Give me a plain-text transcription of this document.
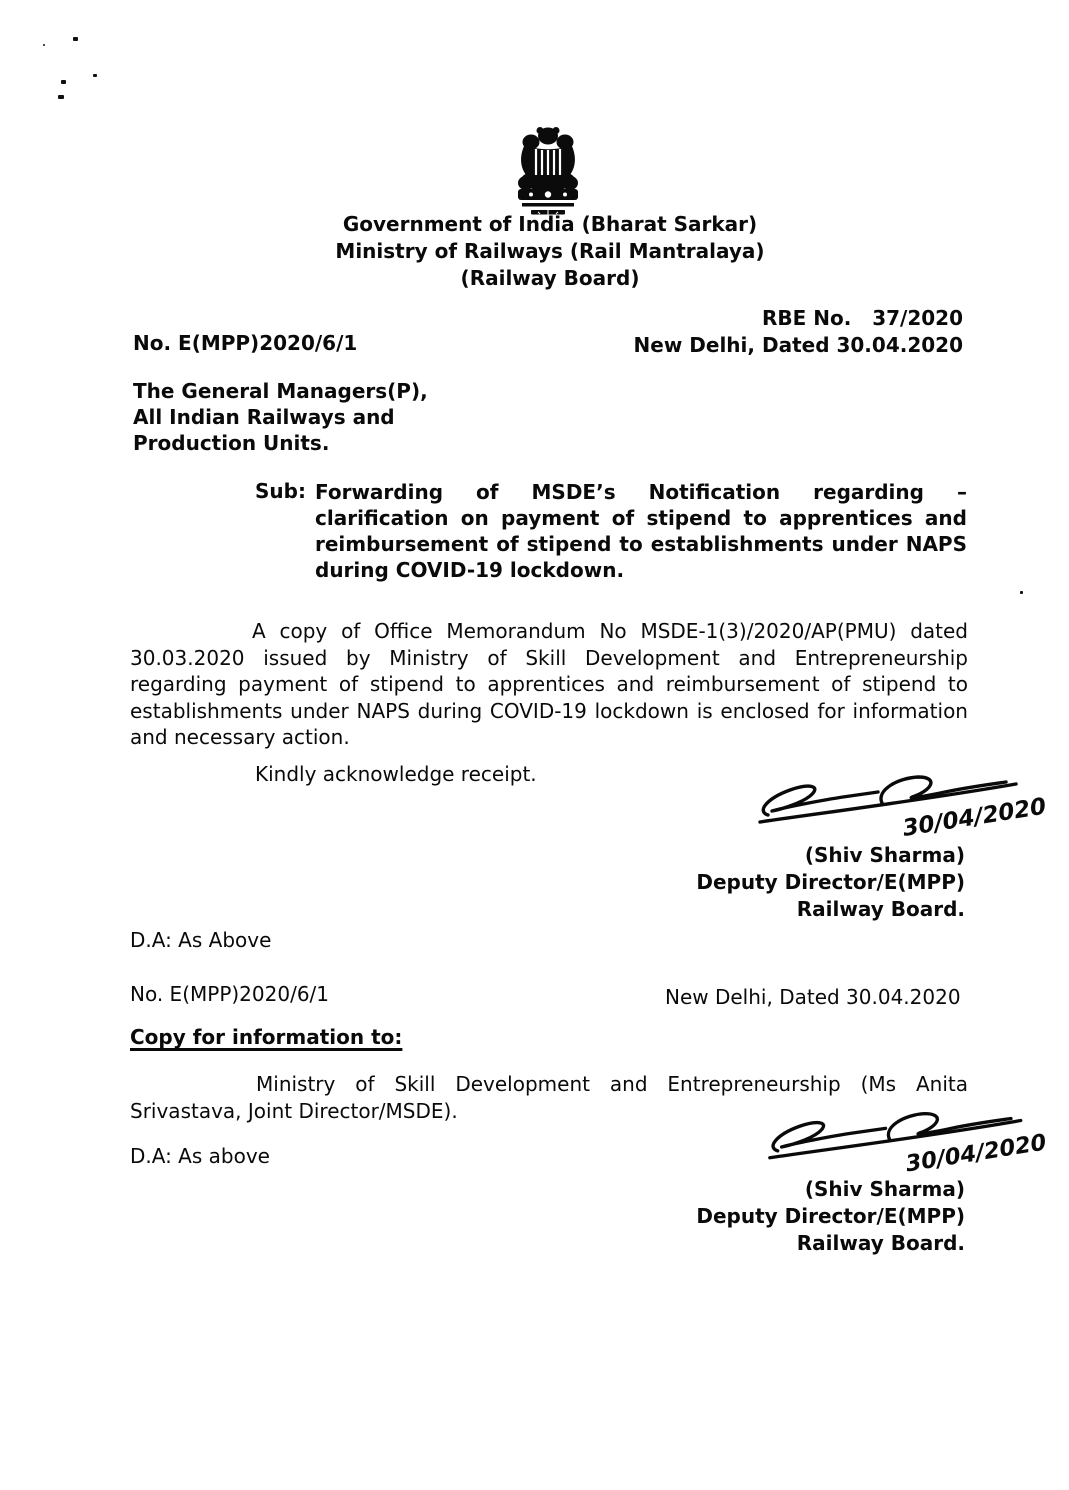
Government of India (Bharat Sarkar)
Ministry of Railways (Rail Mantralaya)
(Railway Board)
RBE No.   37/2020
New Delhi, Dated 30.04.2020
No. E(MPP)2020/6/1
The General Managers(P),
All Indian Railways and
Production Units.
Sub: Forwarding of MSDE’s Notification regarding – clarification on payment of stipend to apprentices and reimbursement of stipend to establishments under NAPS during COVID-19 lockdown.
A copy of Office Memorandum No MSDE-1(3)/2020/AP(PMU) dated 30.03.2020 issued by Ministry of Skill Development and Entrepreneurship regarding payment of stipend to apprentices and reimbursement of stipend to establishments under NAPS during COVID-19 lockdown is enclosed for information and necessary action.
Kindly acknowledge receipt.
30/04/2020
(Shiv Sharma)
Deputy Director/E(MPP)
Railway Board.
D.A: As Above
No. E(MPP)2020/6/1	New Delhi, Dated 30.04.2020
Copy for information to:
Ministry of Skill Development and Entrepreneurship (Ms Anita Srivastava, Joint Director/MSDE).
30/04/2020
D.A: As above
(Shiv Sharma)
Deputy Director/E(MPP)
Railway Board.
